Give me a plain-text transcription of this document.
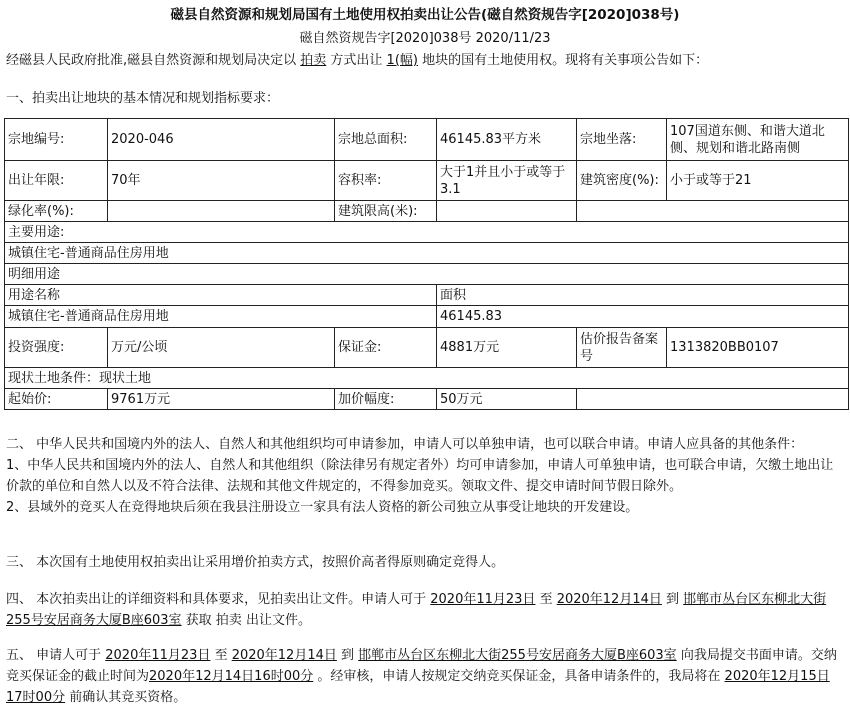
磁县自然资源和规划局国有土地使用权拍卖出让公告(磁自然资规告字[2020]038号)
磁自然资规告字[2020]038号 2020/11/23
经磁县人民政府批准,磁县自然资源和规划局决定以 拍卖 方式出让 1(幅) 地块的国有土地使用权。现将有关事项公告如下：
一、拍卖出让地块的基本情况和规划指标要求：
宗地编号:	2020-046	宗地总面积:	46145.83平方米	宗地坐落:	107国道东侧、和谐大道北侧、规划和谐北路南侧
出让年限:	70年	容积率:	大于1并且小于或等于3.1	建筑密度(%):	小于或等于21
绿化率(%):		建筑限高(米):			
主要用途:					
城镇住宅-普通商品住房用地					
明细用途					
用途名称			面积		
城镇住宅-普通商品住房用地			46145.83		
投资强度:	万元/公顷	保证金:	4881万元	估价报告备案号	1313820BB0107
现状土地条件：现状土地					
起始价:	9761万元	加价幅度:	50万元		
二、 中华人民共和国境内外的法人、自然人和其他组织均可申请参加，申请人可以单独申请，也可以联合申请。申请人应具备的其他条件：
1、中华人民共和国境内外的法人、自然人和其他组织（除法律另有规定者外）均可申请参加，申请人可单独申请，也可联合申请，欠缴土地出让价款的单位和自然人以及不符合法律、法规和其他文件规定的，不得参加竞买。领取文件、提交申请时间节假日除外。
2、县域外的竞买人在竞得地块后须在我县注册设立一家具有法人资格的新公司独立从事受让地块的开发建设。
三、 本次国有土地使用权拍卖出让采用增价拍卖方式，按照价高者得原则确定竞得人。
四、 本次拍卖出让的详细资料和具体要求，见拍卖出让文件。申请人可于 2020年11月23日 至 2020年12月14日 到 邯郸市丛台区东柳北大街255号安居商务大厦B座603室 获取 拍卖 出让文件。
五、 申请人可于 2020年11月23日 至 2020年12月14日 到 邯郸市丛台区东柳北大街255号安居商务大厦B座603室 向我局提交书面申请。交纳竞买保证金的截止时间为2020年12月14日16时00分 。经审核，申请人按规定交纳竞买保证金，具备申请条件的，我局将在 2020年12月15日17时00分 前确认其竞买资格。
